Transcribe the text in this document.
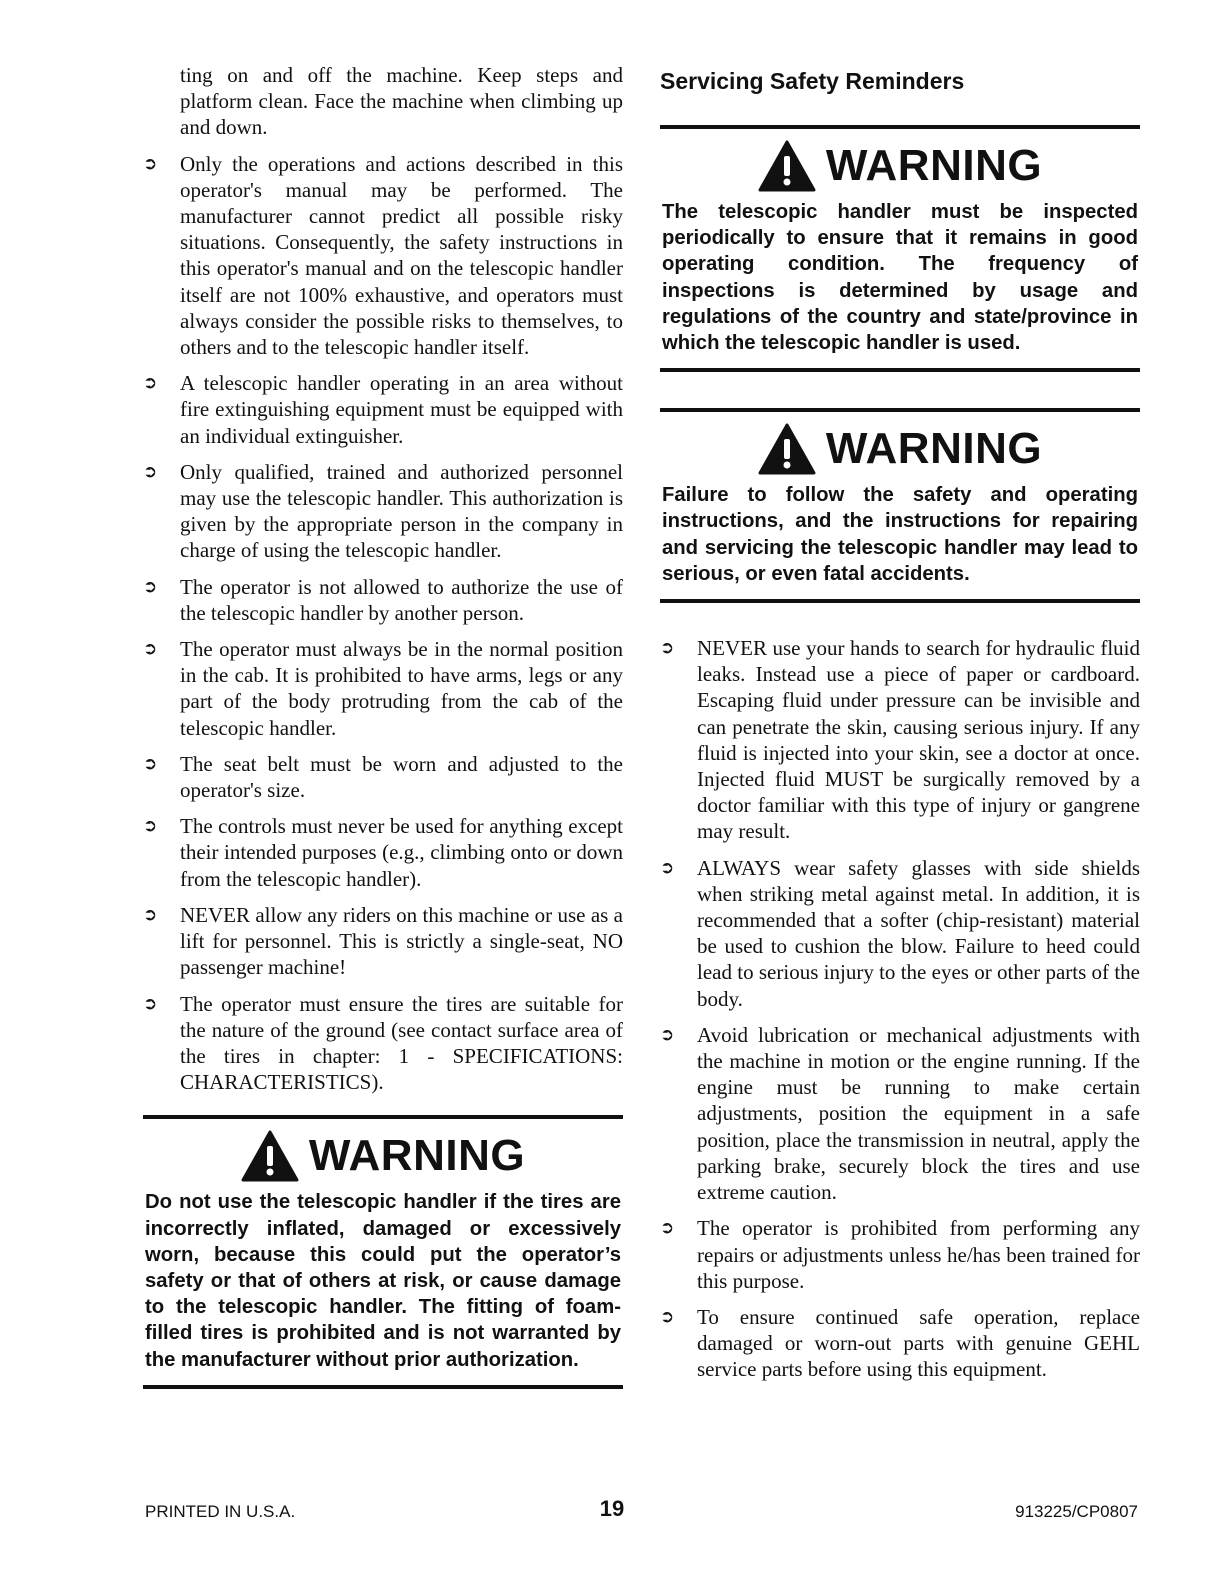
ting on and off the machine. Keep steps and platform clean. Face the machine when climbing up and down.

➲ Only the operations and actions described in this operator's manual may be performed. The manufacturer cannot predict all possible risky situations. Consequently, the safety instructions in this operator's manual and on the telescopic handler itself are not 100% exhaustive, and operators must always consider the possible risks to themselves, to others and to the telescopic handler itself.
➲ A telescopic handler operating in an area without fire extinguishing equipment must be equipped with an individual extinguisher.
➲ Only qualified, trained and authorized personnel may use the telescopic handler. This authorization is given by the appropriate person in the company in charge of using the telescopic handler.
➲ The operator is not allowed to authorize the use of the telescopic handler by another person.
➲ The operator must always be in the normal position in the cab. It is prohibited to have arms, legs or any part of the body protruding from the cab of the telescopic handler.
➲ The seat belt must be worn and adjusted to the operator's size.
➲ The controls must never be used for anything except their intended purposes (e.g., climbing onto or down from the telescopic handler).
➲ NEVER allow any riders on this machine or use as a lift for personnel. This is strictly a single-seat, NO passenger machine!
➲ The operator must ensure the tires are suitable for the nature of the ground (see contact surface area of the tires in chapter: 1 - SPECIFICATIONS: CHARACTERISTICS).
WARNING

Do not use the telescopic handler if the tires are incorrectly inflated, damaged or excessively worn, because this could put the operator’s safety or that of others at risk, or cause damage to the telescopic handler. The fitting of foam-filled tires is prohibited and is not warranted by the manufacturer without prior authorization.

Servicing Safety Reminders
WARNING

The telescopic handler must be inspected periodically to ensure that it remains in good operating condition. The frequency of inspections is determined by usage and regulations of the country and state/province in which the telescopic handler is used.

WARNING

Failure to follow the safety and operating instructions, and the instructions for repairing and servicing the telescopic handler may lead to serious, or even fatal accidents.

➲ NEVER use your hands to search for hydraulic fluid leaks. Instead use a piece of paper or cardboard. Escaping fluid under pressure can be invisible and can penetrate the skin, causing serious injury. If any fluid is injected into your skin, see a doctor at once. Injected fluid MUST be surgically removed by a doctor familiar with this type of injury or gangrene may result.
➲ ALWAYS wear safety glasses with side shields when striking metal against metal. In addition, it is recommended that a softer (chip-resistant) material be used to cushion the blow. Failure to heed could lead to serious injury to the eyes or other parts of the body.
➲ Avoid lubrication or mechanical adjustments with the machine in motion or the engine running. If the engine must be running to make certain adjustments, position the equipment in a safe position, place the transmission in neutral, apply the parking brake, securely block the tires and use extreme caution.
➲ The operator is prohibited from performing any repairs or adjustments unless he/has been trained for this purpose.
➲ To ensure continued safe operation, replace damaged or worn-out parts with genuine GEHL service parts before using this equipment.
PRINTED IN U.S.A.	19	913225/CP0807
